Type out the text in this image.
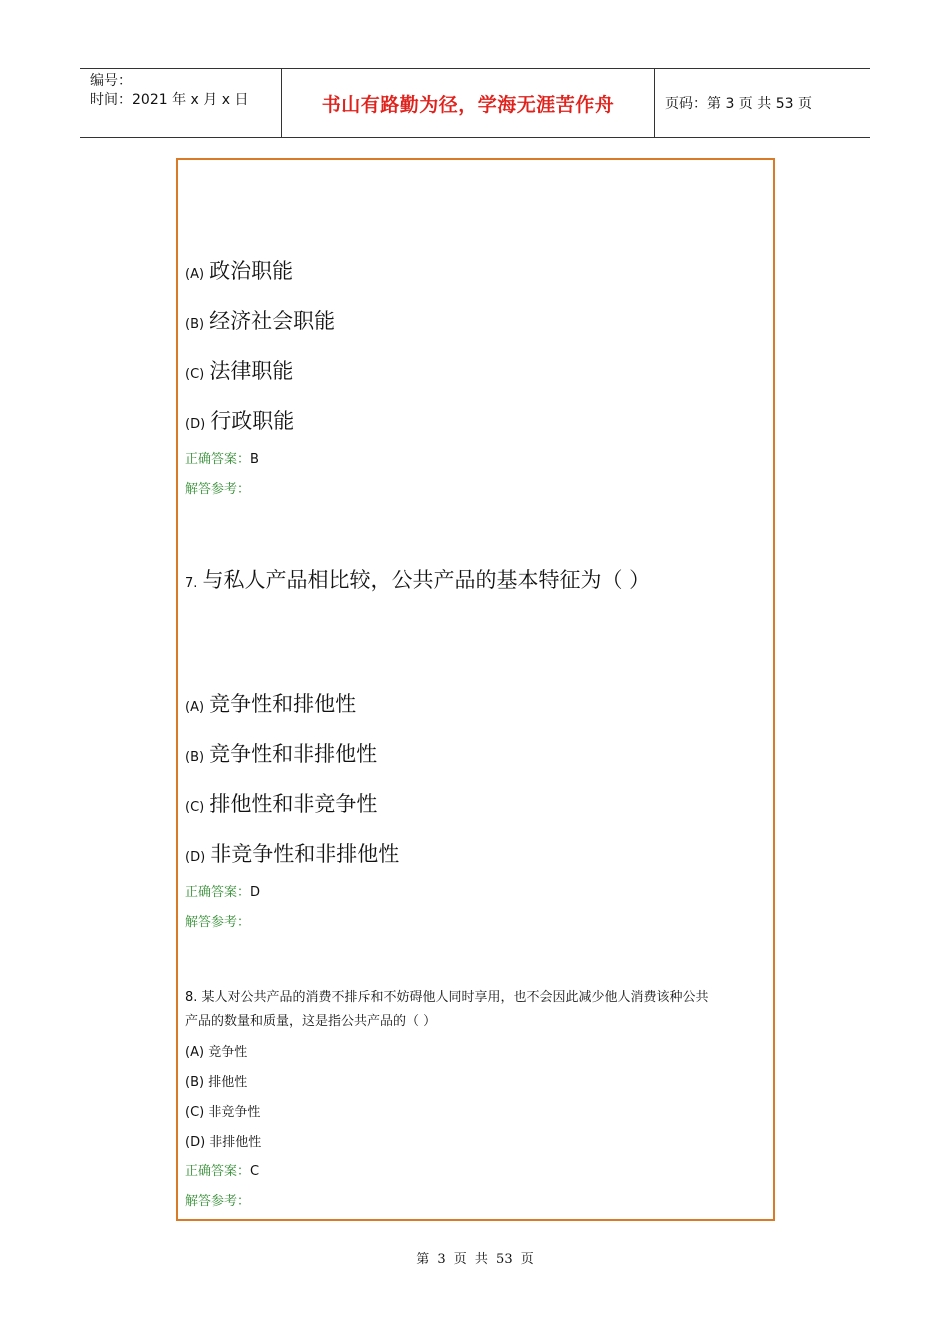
编号：
时间：2021 年 x 月 x 日	书山有路勤为径，学海无涯苦作舟	页码：第 3 页 共 53 页
(A) 政治职能
(B) 经济社会职能
(C) 法律职能
(D) 行政职能
正确答案：B
解答参考：
7. 与私人产品相比较，公共产品的基本特征为（ ）
(A) 竞争性和排他性
(B) 竞争性和非排他性
(C) 排他性和非竞争性
(D) 非竞争性和非排他性
正确答案：D
解答参考：
8. 某人对公共产品的消费不排斥和不妨碍他人同时享用，也不会因此减少他人消费该种公共
产品的数量和质量，这是指公共产品的（ ）
(A) 竞争性
(B) 排他性
(C) 非竞争性
(D) 非排他性
正确答案：C
解答参考：
第 3 页 共 53 页
